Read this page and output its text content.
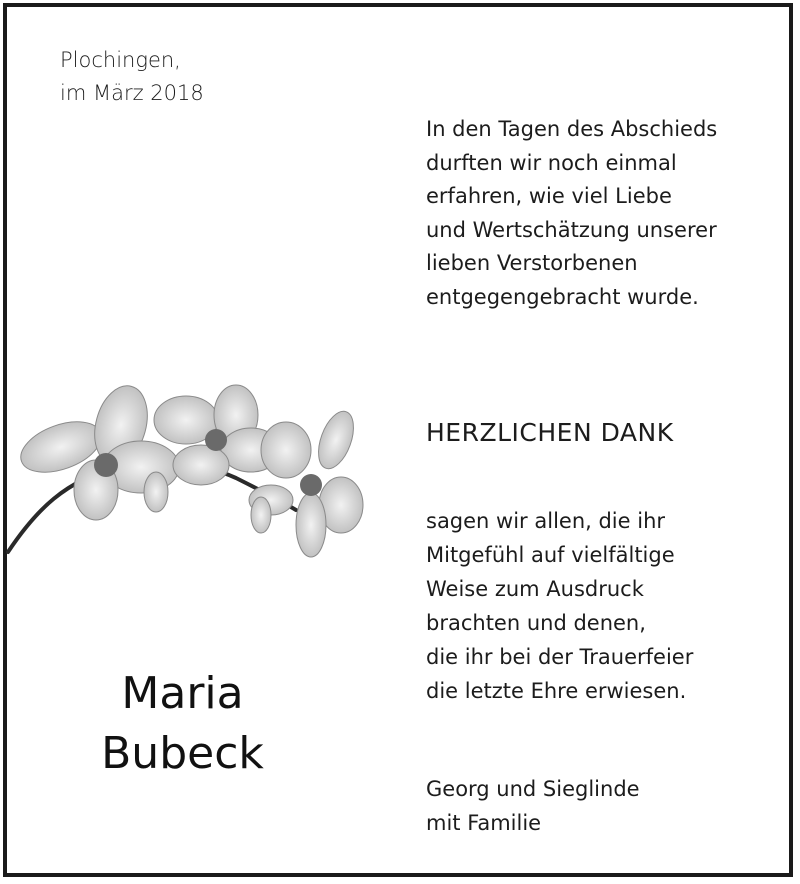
Plochingen,
im März 2018
In den Tagen des Abschieds
durften wir noch einmal
erfahren, wie viel Liebe
und Wertschätzung unserer
lieben Verstorbenen
entgegengebracht wurde.
HERZLICHEN DANK
sagen wir allen, die ihr
Mitgefühl auf vielfältige
Weise zum Ausdruck
brachten und denen,
die ihr bei der Trauerfeier
die letzte Ehre erwiesen.
Georg und Sieglinde
mit Familie
Maria
Bubeck
